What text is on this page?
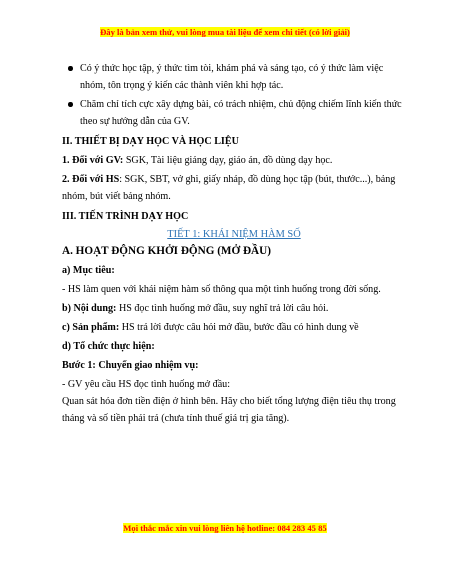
Đây là bản xem thử, vui lòng mua tài liệu để xem chi tiết (có lời giải)
Có ý thức học tập, ý thức tìm tòi, khám phá và sáng tạo, có ý thức làm việc nhóm, tôn trọng ý kiến các thành viên khi hợp tác.
Chăm chỉ tích cực xây dựng bài, có trách nhiệm, chủ động chiếm lĩnh kiến thức theo sự hướng dẫn của GV.

II. THIẾT BỊ DẠY HỌC VÀ HỌC LIỆU

1. Đối với GV: SGK, Tài liệu giảng dạy, giáo án, đồ dùng dạy học.

2. Đối với HS: SGK, SBT, vở ghi, giấy nháp, đồ dùng học tập (bút, thước...), bảng nhóm, bút viết bảng nhóm.

III. TIẾN TRÌNH DẠY HỌC

TIẾT 1: KHÁI NIỆM HÀM SỐ

A. HOẠT ĐỘNG KHỞI ĐỘNG (MỞ ĐẦU)

a) Mục tiêu:

- HS làm quen với khái niệm hàm số thông qua một tình huống trong đời sống.

b) Nội dung: HS đọc tình huống mở đầu, suy nghĩ trả lời câu hỏi.

c) Sản phẩm: HS trả lời được câu hỏi mở đầu, bước đầu có hình dung về

d) Tổ chức thực hiện:

Bước 1: Chuyển giao nhiệm vụ:

- GV yêu cầu HS đọc tình huống mở đầu:

Quan sát hóa đơn tiền điện ở hình bên. Hãy cho biết tổng lượng điện tiêu thụ trong tháng và số tiền phải trả (chưa tính thuế giá trị gia tăng).

Mọi thắc mắc xin vui lòng liên hệ hotline: 084 283 45 85
